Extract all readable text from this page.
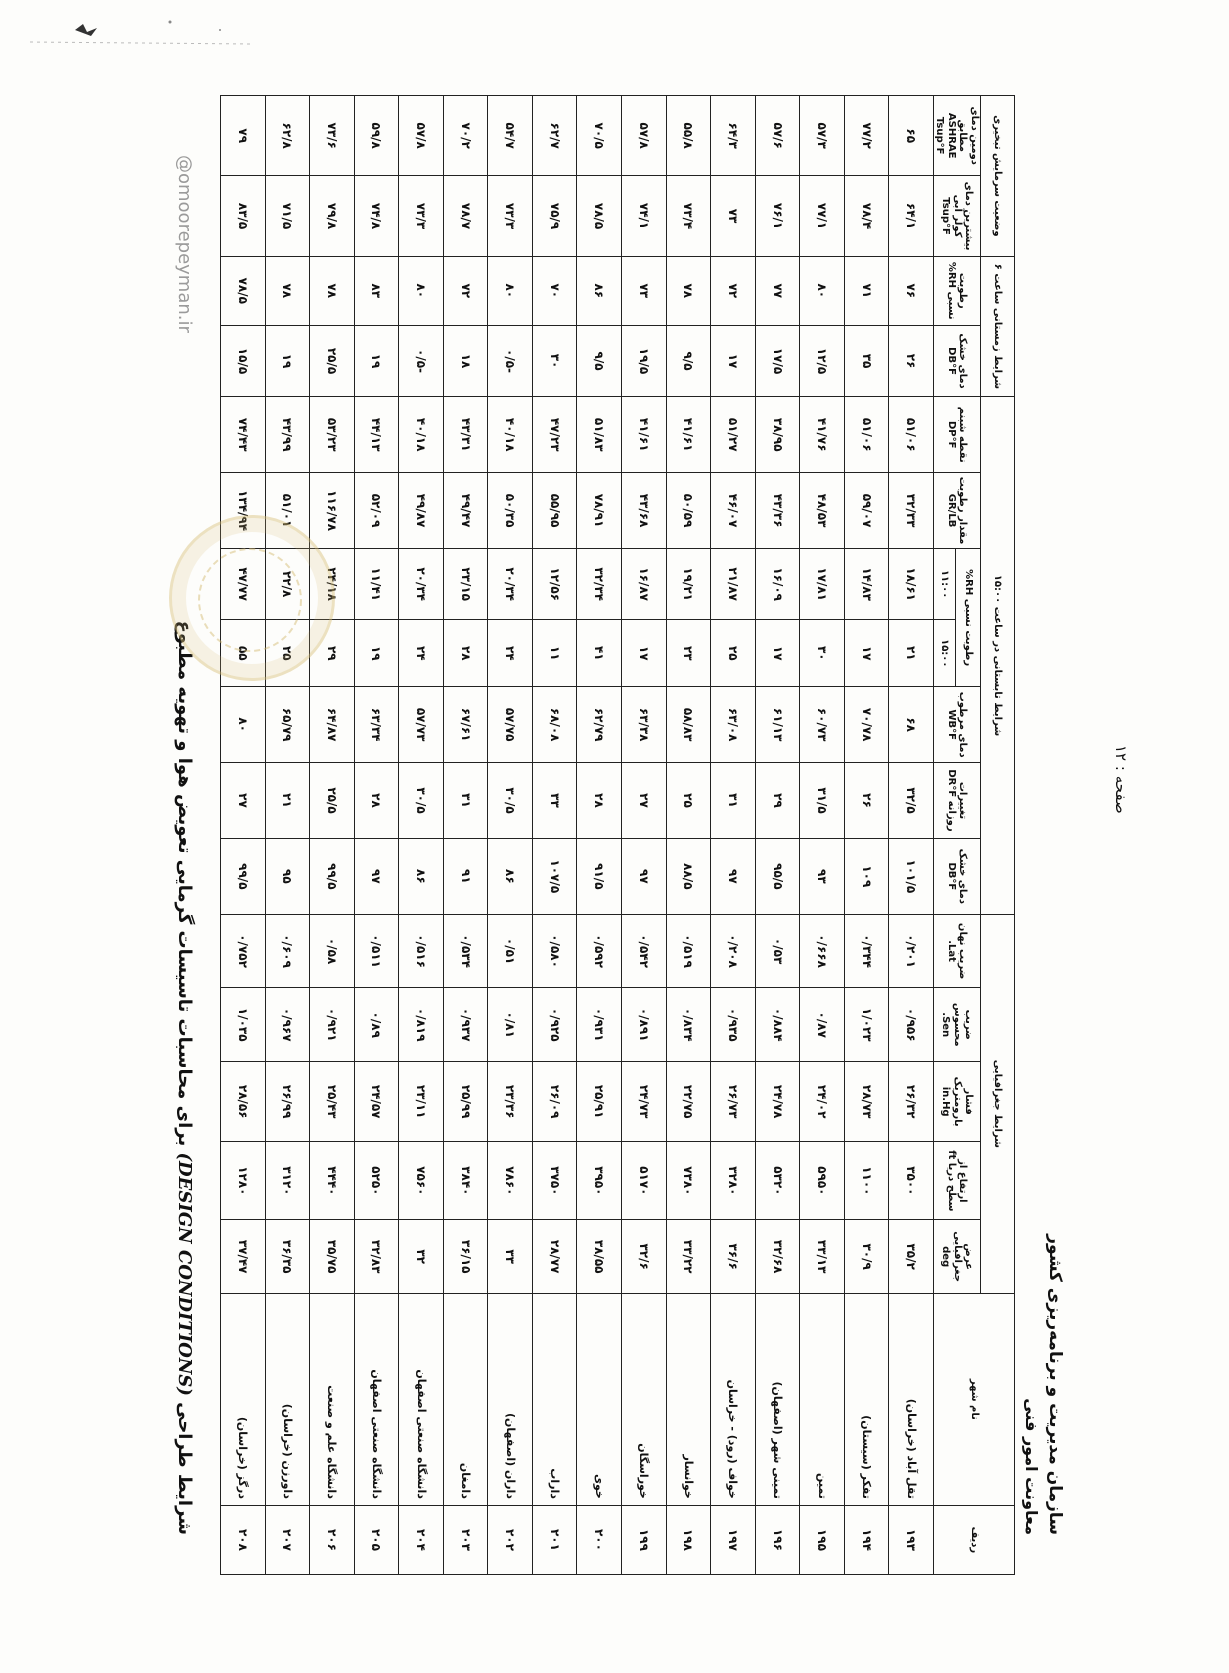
سازمان مدیریت و برنامه‌ریزی کشور
معاونت امور فنی
ردیف	نام شهر	شرایط جغرافیایی					شرایط تابستانی در ساعت ۱۵:۰۰							شرایط زمستانی ساعت ۶		وضعیت سرمایش تبخیری	
		عرض جغرافیایی deg	ارتفاع از سطح دریا ft	فشار بارومتریک in.Hg	ضریب محسوس Sen.	ضریب نهان Lat.	دمای خشک DB°F	تغییرات روزانه DR°F	دمای مرطوب WB°F	رطوبت نسبی RH%		مقدار رطوبت GR/LB	نقطه شبنم DP°F	دمای خشک DB°F	رطوبت نسبی RH%	بیشترین دمای کولر آبی Tsup°F	دومین دمای مطابق ASHRAE Tsup°F
										۱۵:۰۰	۱۱:۰۰						
۱۹۳	تقل آباد (خراسان)	۳۵/۲	۳۵۰۰	۲۶/۳۲	۰/۹۵۶	۰/۲۰۱	۱۰۱/۵	۳۲/۵	۶۸	۲۱	۱۸/۶۱	۳۲/۳۳	۵۱/۰۶	۲۶	۷۶	۶۴/۱	۶۵
۱۹۴	تفکر (سیستان)	۳۰/۹	۱۱۰۰	۲۸/۷۳	۱/۰۲۳	۰/۳۴۴	۱۰۹	۲۶	۷۰/۷۸	۱۷	۱۴/۸۳	۵۹/۰۷	۵۱/۰۶	۳۵	۷۱	۷۸/۴	۷۷/۲
۱۹۵	تمین	۳۳/۱۳	۵۹۵۰	۲۴/۰۲	۰/۸۷	۰/۶۶۸	۹۳	۳۱/۵	۶۰/۷۳	۳۰	۱۷/۸۱	۴۸/۵۳	۴۱/۷۶	۱۲/۵	۸۰	۷۷/۱	۵۷/۳
۱۹۶	تمینی شهر (اصفهان)	۳۲/۶۸	۵۳۲۰	۲۴/۷۸	۰/۸۸۴	۰/۵۳	۹۵/۵	۲۹	۶۱/۱۳	۱۷	۱۶/۰۹	۴۳/۳۶	۳۸/۹۵	۱۷/۵	۷۷	۷۶/۱	۵۷/۶
۱۹۷	خواف (رود) - خراسان	۳۶/۶	۳۲۸۰	۲۶/۷۳	۰/۹۳۵	۰/۲۰۸	۹۷	۳۱	۶۳/۰۸	۲۵	۲۱/۸۷	۴۶/۰۷	۵۱/۲۷	۱۷	۷۲	۷۳	۶۴/۳
۱۹۸	خوانسار	۳۳/۲۲	۷۳۸۰	۲۲/۷۵	۰/۸۳۴	۰/۵۱۹	۸۸/۵	۲۵	۵۸/۸۳	۲۳	۱۹/۲۱	۵۰/۵۹	۴۱/۶۱	۹/۵	۷۸	۷۳/۴	۵۵/۸
۱۹۹	خوراسگان	۳۲/۶	۵۱۷۰	۲۴/۷۳	۰/۸۹۱	۰/۵۴۲	۹۷	۲۷	۶۳/۳۸	۱۷	۱۶/۸۷	۴۳/۶۸	۴۱/۶۱	۱۹/۵	۷۳	۷۴/۱	۵۷/۸
۲۰۰	خوی	۳۸/۵۵	۳۹۵۰	۲۵/۹۱	۰/۹۳۱	۰/۵۹۲	۹۱/۵	۲۸	۶۲/۷۹	۴۱	۳۲/۳۴	۷۸/۹۱	۵۱/۸۳	۹/۵	۸۶	۷۸/۵	۷۰/۵
۲۰۱	داراب	۲۸/۷۷	۳۷۵۰	۲۶/۰۹	۰/۹۲۵	۰/۵۸۰	۱۰۷/۵	۳۳	۶۸/۰۸	۱۱	۱۲/۵۶	۵۵/۹۵	۴۷/۲۳	۳۰	۷۰	۷۵/۹	۶۲/۷
۲۰۲	داران (اصفهان)	۳۳	۷۸۶۰	۲۳/۳۶	۰/۸۱	۰/۵۱	۸۶	۳۰/۵	۵۷/۷۵	۲۴	۲۰/۳۴	۵۰/۳۵	۴۰/۱۸	-۰/۵	۸۰	۷۳/۳	۵۴/۷
۲۰۳	دامغان	۳۶/۱۵	۳۸۴۰	۲۵/۹۹	۰/۹۳۷	۰/۵۳۴	۹۱	۳۱	۶۷/۶۱	۲۸	۲۳/۱۵	۴۹/۴۷	۴۳/۳۱	۱۸	۷۲	۷۸/۷	۷۰/۲
۲۰۴	دانشگاه صنعتی اصفهان	۳۲	۷۵۶۰	۲۳/۱۱	۰/۸۱۹	۰/۵۱۶	۸۶	۳۰/۵	۵۷/۷۳	۲۴	۲۰/۳۴	۴۹/۸۷	۴۰/۱۸	-۰/۵	۸۰	۷۳/۳	۵۷/۸
۲۰۵	دانشگاه صنعتی اصفهان	۳۲/۸۳	۵۲۵۰	۲۴/۵۷	۰/۸۹	۰/۵۱۱	۹۷	۲۸	۶۳/۳۴	۱۹	۱۱/۴۱	۵۲/۰۹	۴۴/۱۳	۱۹	۸۳	۷۴/۸	۵۹/۸
۲۰۶	دانشگاه علم و صنعت	۳۵/۷۵	۴۴۴۰	۲۵/۴۳	۰/۹۲۱	۰/۵۸	۹۹/۵	۲۵/۵	۶۴/۸۷	۲۹	۲۴/۱۸	۱۱۶/۷۸	۵۳/۲۳	۲۵/۵	۷۸	۷۹/۸	۷۳/۶
۲۰۷	داورزن (خراسان)	۳۶/۳۵	۳۱۲۰	۲۶/۹۹	۰/۹۶۷	۰/۶۰۹	۹۵	۲۱	۶۵/۷۹	۲۵	۲۲/۸	۵۱/۰۱	۴۳/۹۹	۱۹	۷۸	۷۱/۵	۶۲/۸
۲۰۸	درگز (خراسان)	۳۷/۴۷	۱۲۸۰	۲۸/۵۶	۱/۰۳۵	۰/۷۵۲	۹۹/۵	۲۷	۸۰	۵۵	۴۷/۷۷	۱۳۴/۹۴	۷۴/۴۳	۱۵/۵	۷۸/۵	۸۳/۵	۷۹
شرایط طراحی (DESIGN CONDITIONS) برای محاسبات تاسیسات گرمایی تعویض هوا و تهویه مطبوع	صفحه : ۱۲
@omoorepeyman.ir
